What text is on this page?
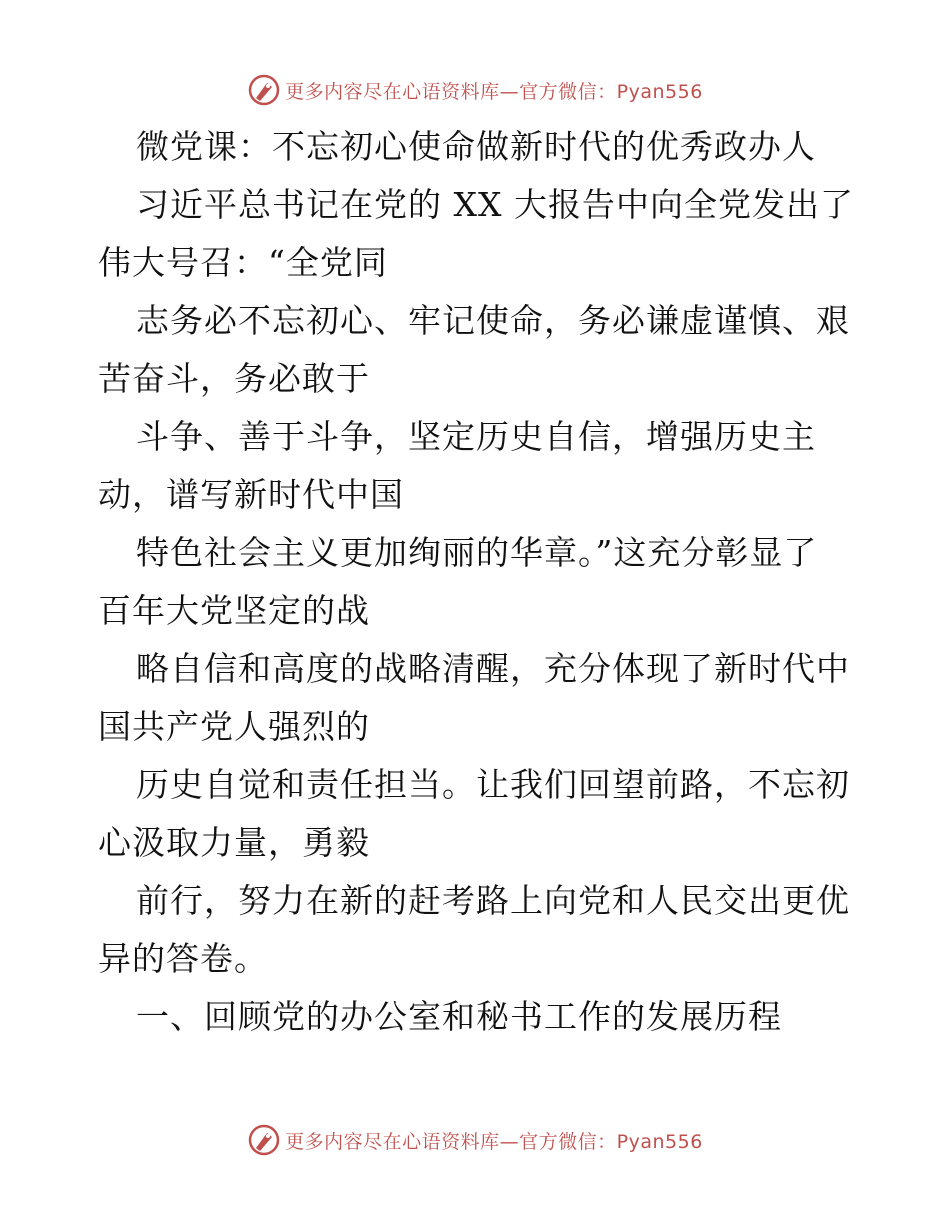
更多内容尽在心语资料库—官方微信：Pyan556
微党课：不忘初心使命做新时代的优秀政办人
习近平总书记在党的 XX 大报告中向全党发出了
伟大号召：“全党同
志务必不忘初心、牢记使命，务必谦虚谨慎、艰
苦奋斗，务必敢于
斗争、善于斗争，坚定历史自信，增强历史主
动，谱写新时代中国
特色社会主义更加绚丽的华章。”这充分彰显了
百年大党坚定的战
略自信和高度的战略清醒，充分体现了新时代中
国共产党人强烈的
历史自觉和责任担当。让我们回望前路，不忘初
心汲取力量，勇毅
前行，努力在新的赶考路上向党和人民交出更优
异的答卷。
一、回顾党的办公室和秘书工作的发展历程
更多内容尽在心语资料库—官方微信：Pyan556
